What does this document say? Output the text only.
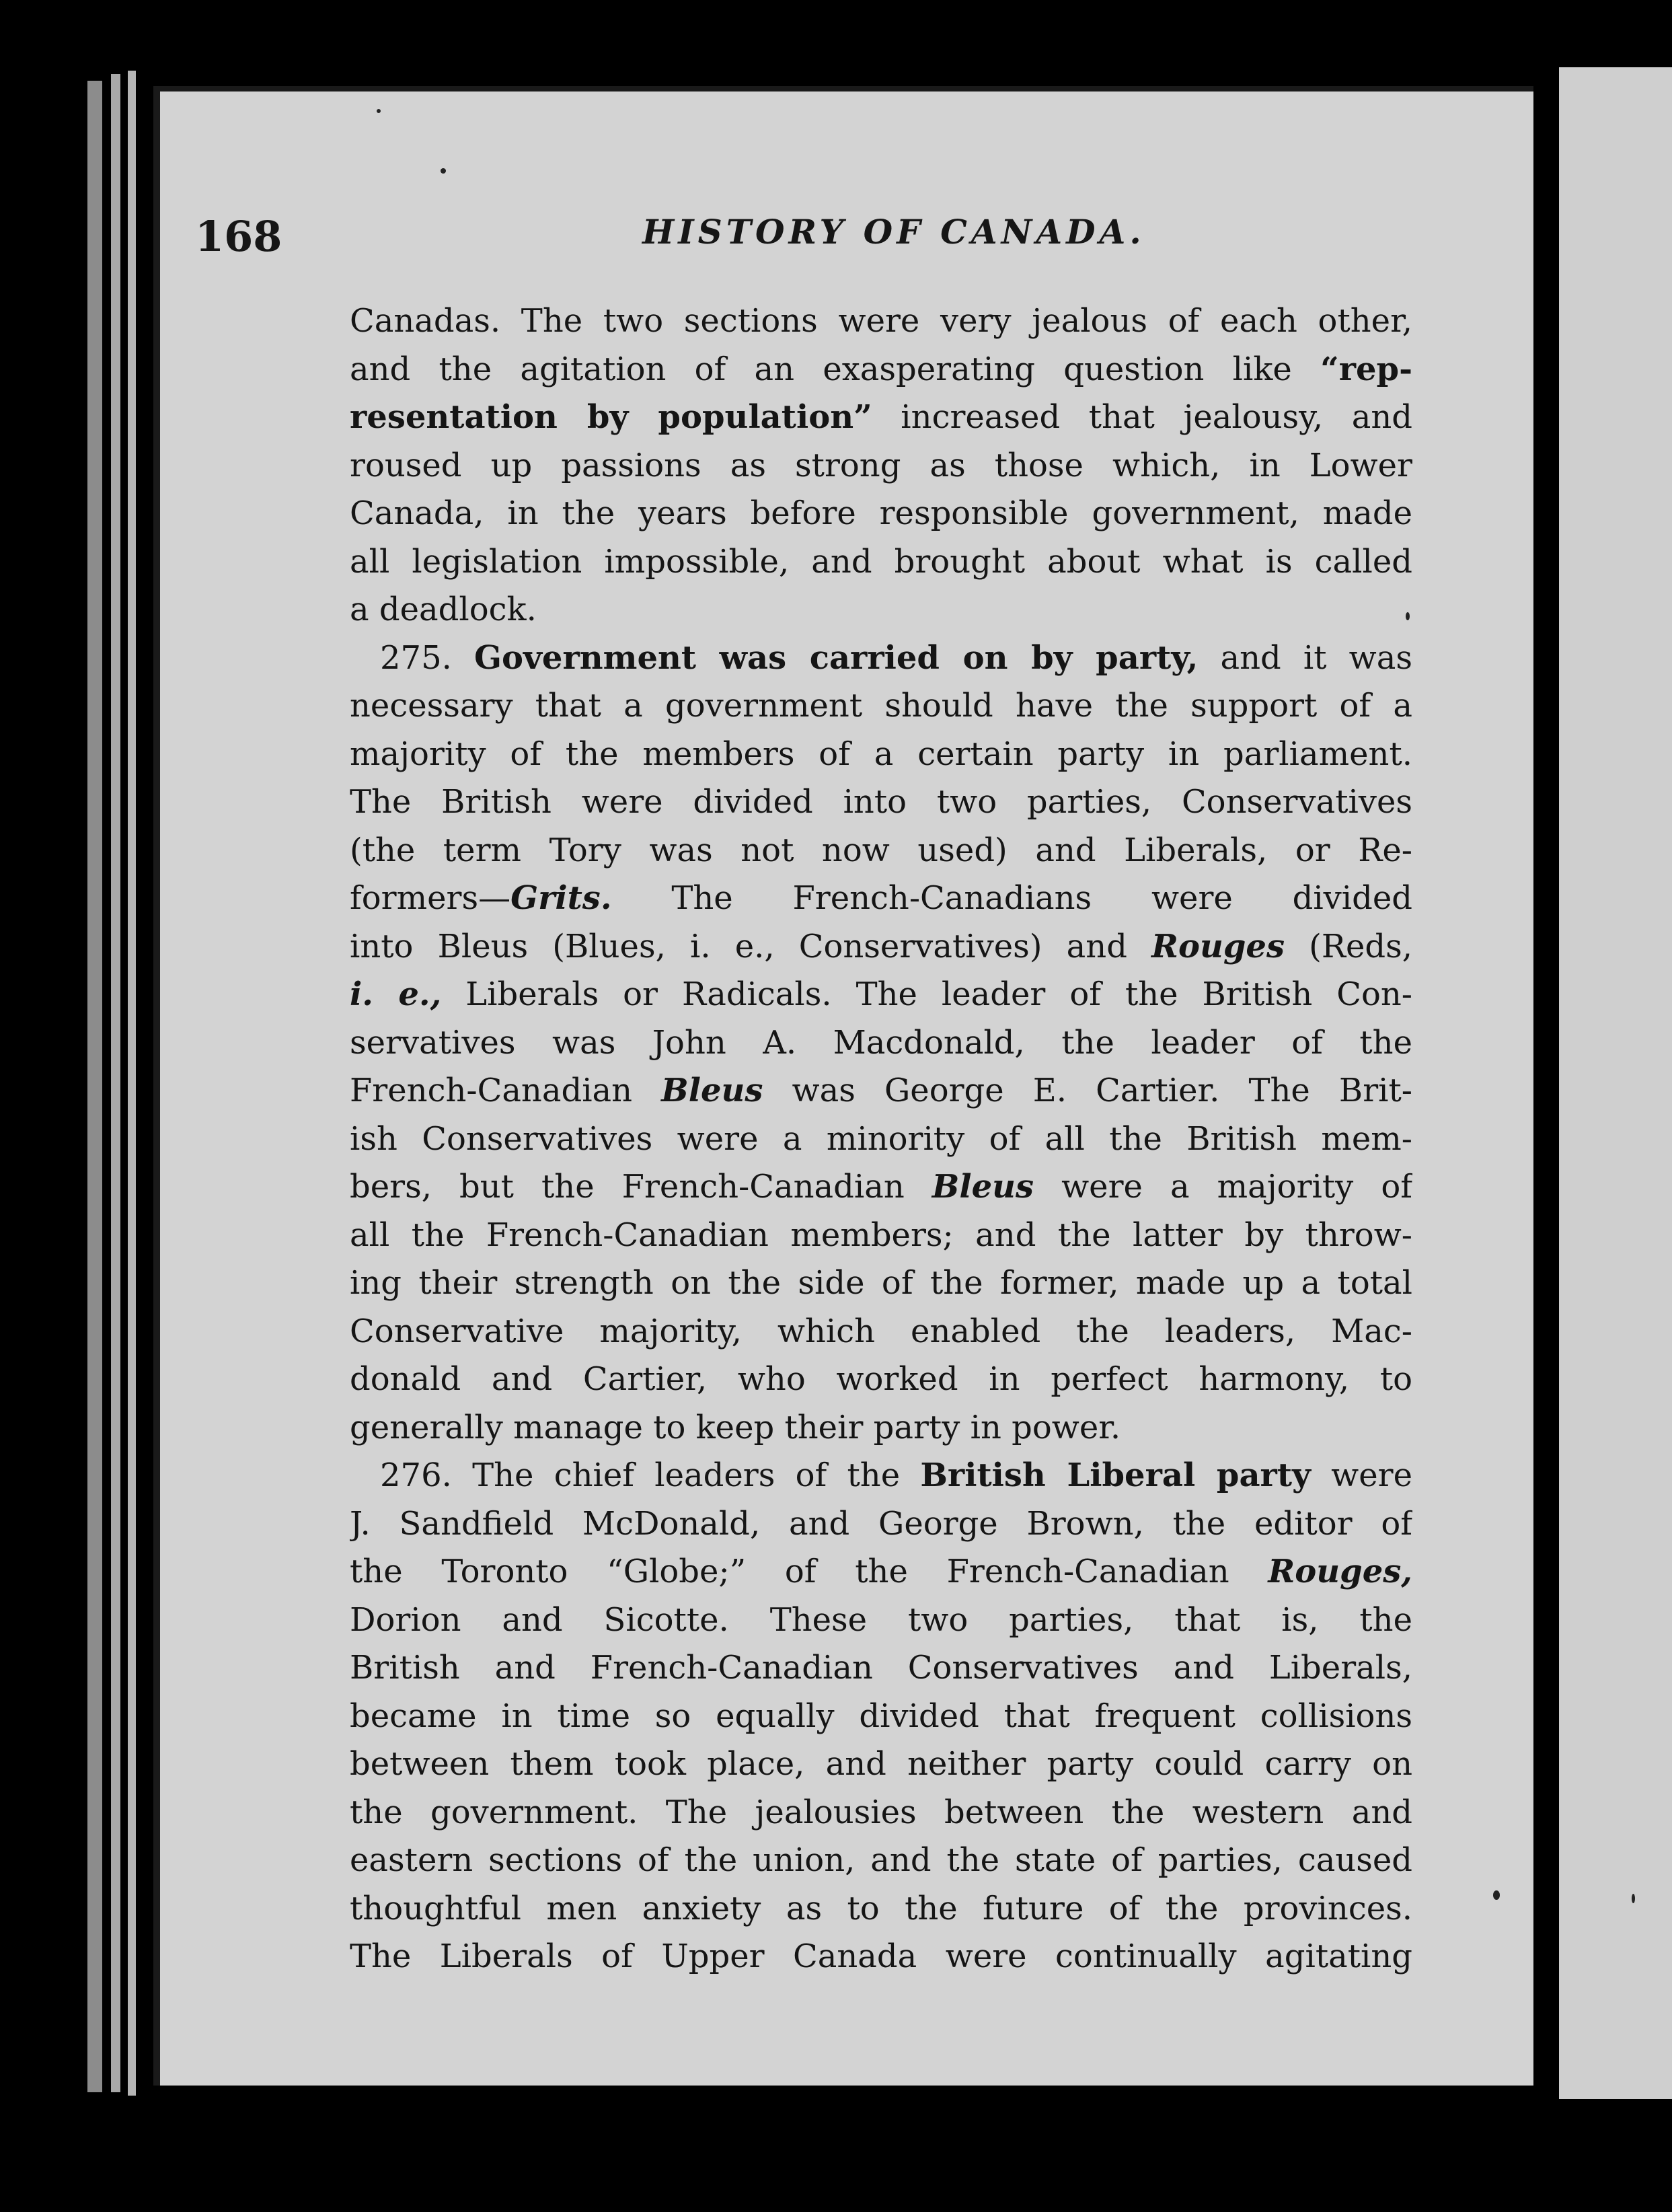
168	HISTORY OF CANADA.
Canadas. The two sections were very jealous of each other,
and the agitation of an exasperating question like “rep-
resentation by population” increased that jealousy, and
roused up passions as strong as those which, in Lower
Canada, in the years before responsible government, made
all legislation impossible, and brought about what is called
a deadlock.
275. Government was carried on by party, and it was
necessary that a government should have the support of a
majority of the members of a certain party in parliament.
The British were divided into two parties, Conservatives
(the term Tory was not now used) and Liberals, or Re-
formers—Grits. The French-Canadians were divided
into Bleus (Blues, i. e., Conservatives) and Rouges (Reds,
i. e., Liberals or Radicals. The leader of the British Con-
servatives was John A. Macdonald, the leader of the
French-Canadian Bleus was George E. Cartier. The Brit-
ish Conservatives were a minority of all the British mem-
bers, but the French-Canadian Bleus were a majority of
all the French-Canadian members; and the latter by throw-
ing their strength on the side of the former, made up a total
Conservative majority, which enabled the leaders, Mac-
donald and Cartier, who worked in perfect harmony, to
generally manage to keep their party in power.
276. The chief leaders of the British Liberal party were
J. Sandfield McDonald, and George Brown, the editor of
the Toronto “Globe;” of the French-Canadian Rouges,
Dorion and Sicotte. These two parties, that is, the
British and French-Canadian Conservatives and Liberals,
became in time so equally divided that frequent collisions
between them took place, and neither party could carry on
the government. The jealousies between the western and
eastern sections of the union, and the state of parties, caused
thoughtful men anxiety as to the future of the provinces.
The Liberals of Upper Canada were continually agitating
